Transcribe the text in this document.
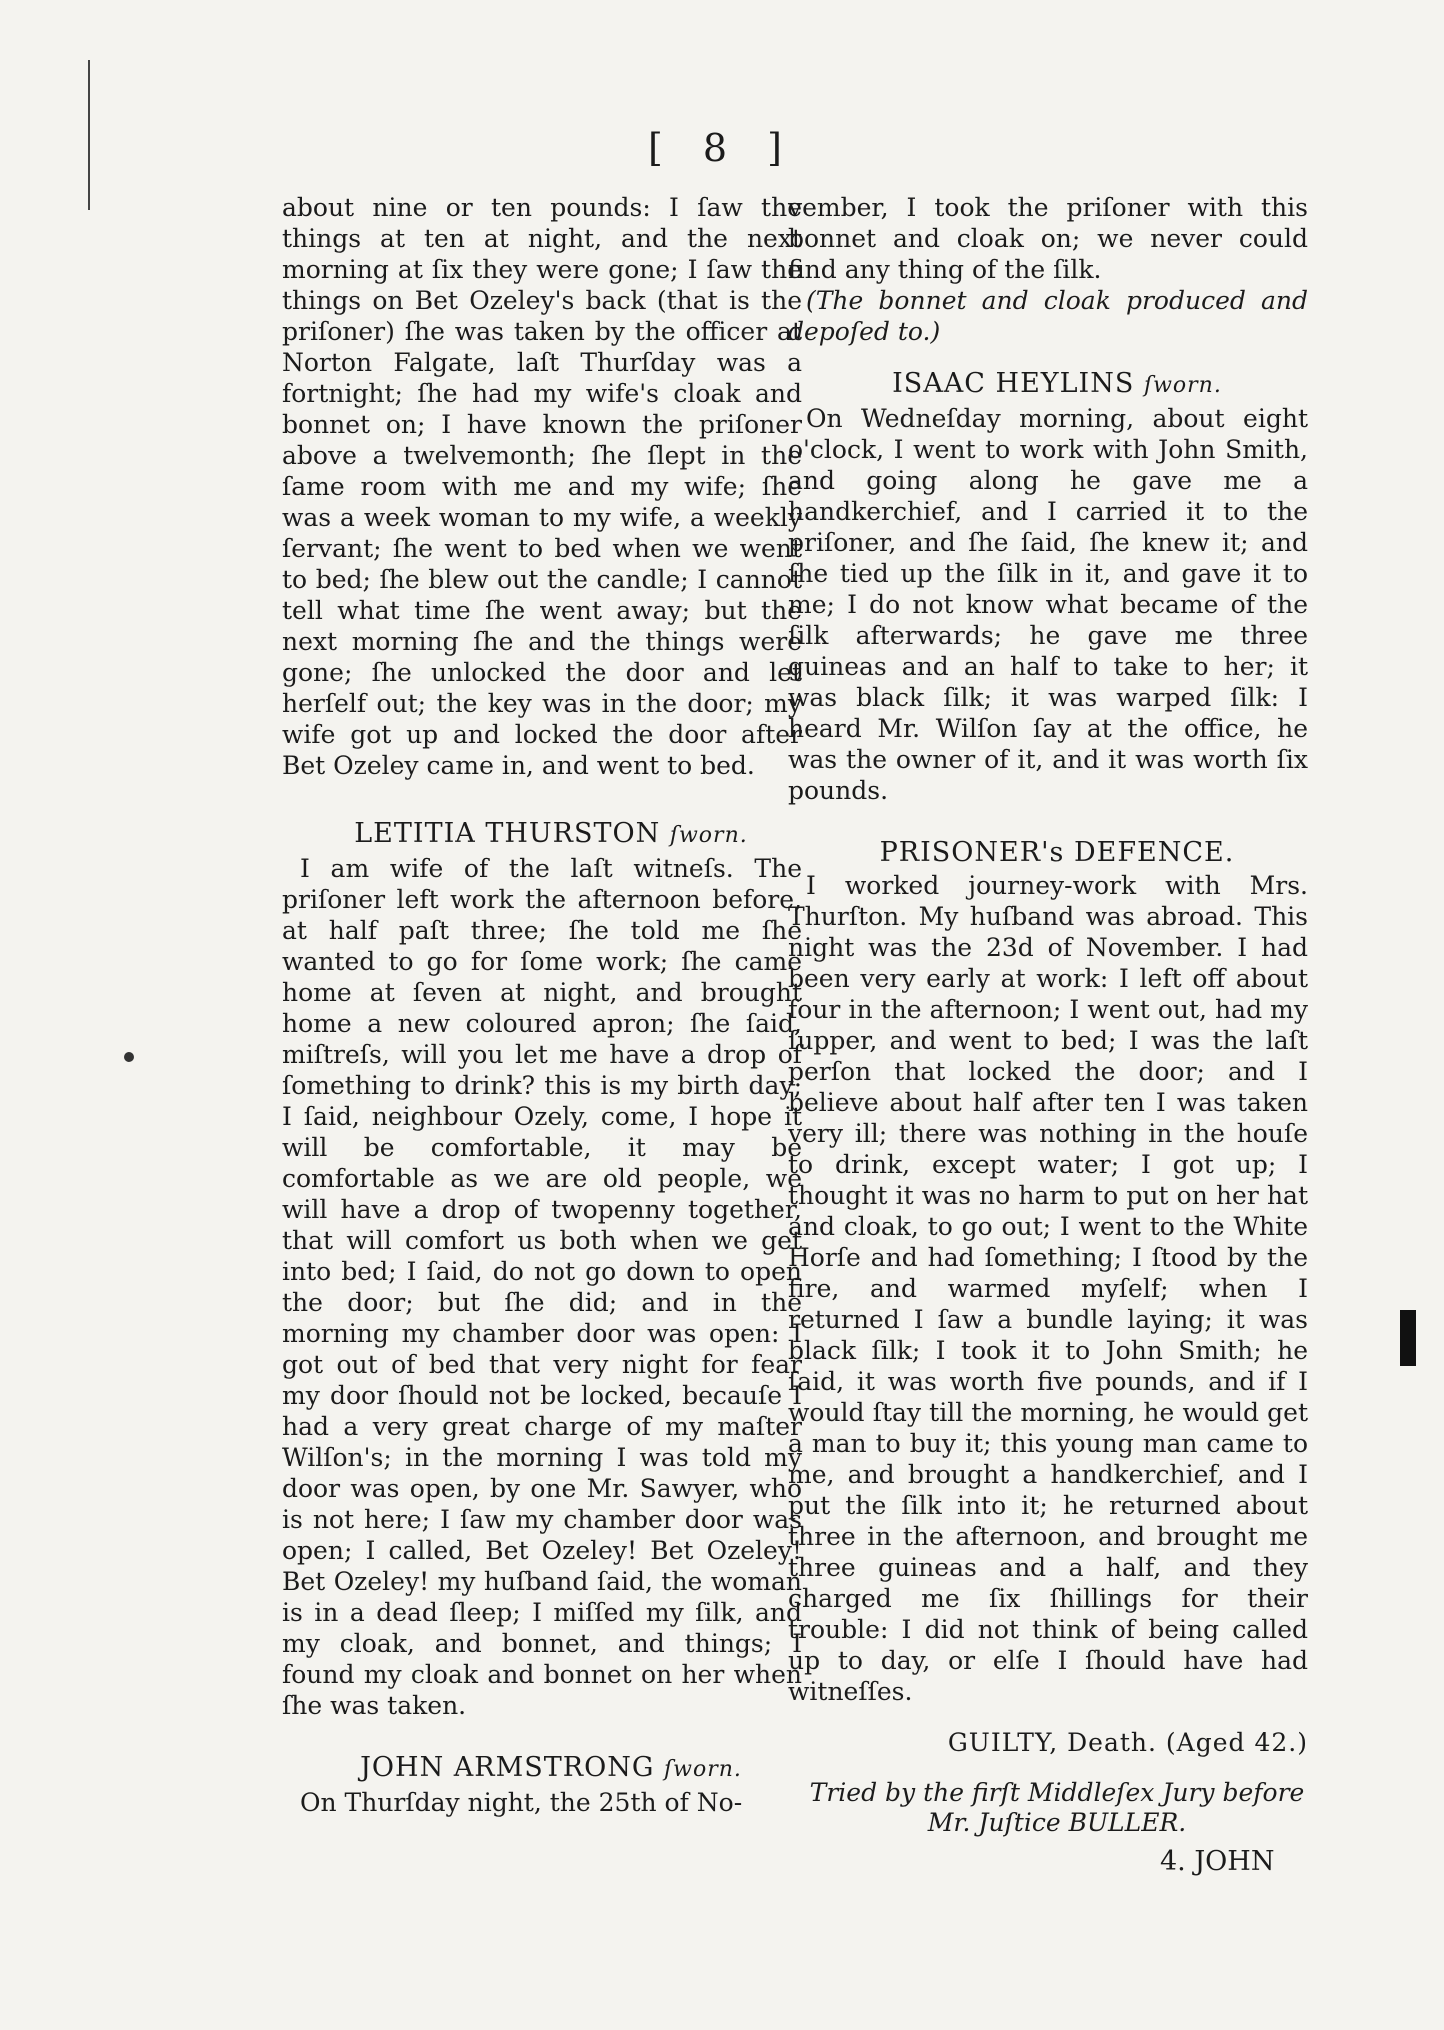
[ 8 ]

about nine or ten pounds: I ſaw the things at ten at night, and the next morning at ſix they were gone; I ſaw the things on Bet Ozeley's back (that is the priſoner) ſhe was taken by the officer at Norton Falgate, laſt Thurſday was a fortnight; ſhe had my wife's cloak and bonnet on; I have known the priſoner above a twelvemonth; ſhe ſlept in the ſame room with me and my wife; ſhe was a week woman to my wife, a weekly ſervant; ſhe went to bed when we went to bed; ſhe blew out the candle; I cannot tell what time ſhe went away; but the next morning ſhe and the things were gone; ſhe unlocked the door and let herſelf out; the key was in the door; my wife got up and locked the door after Bet Ozeley came in, and went to bed.

LETITIA THURSTON ſworn.

I am wife of the laſt witneſs. The priſoner left work the afternoon before, at half paſt three; ſhe told me ſhe wanted to go for ſome work; ſhe came home at ſeven at night, and brought home a new coloured apron; ſhe ſaid, miſtreſs, will you let me have a drop of ſomething to drink? this is my birth day; I ſaid, neighbour Ozely, come, I hope it will be comfortable, it may be comfortable as we are old people, we will have a drop of twopenny together, that will comfort us both when we get into bed; I ſaid, do not go down to open the door; but ſhe did; and in the morning my chamber door was open: I got out of bed that very night for fear my door ſhould not be locked, becauſe I had a very great charge of my maſter Wilſon's; in the morning I was told my door was open, by one Mr. Sawyer, who is not here; I ſaw my chamber door was open; I called, Bet Ozeley! Bet Ozeley! Bet Ozeley! my huſband ſaid, the woman is in a dead ſleep; I miſſed my ſilk, and my cloak, and bonnet, and things; I found my cloak and bonnet on her when ſhe was taken.

JOHN ARMSTRONG ſworn.

On Thurſday night, the 25th of No-

vember, I took the priſoner with this bonnet and cloak on; we never could find any thing of the ſilk.

(The bonnet and cloak produced and depoſed to.)

ISAAC HEYLINS ſworn.

On Wedneſday morning, about eight o'clock, I went to work with John Smith, and going along he gave me a handkerchief, and I carried it to the priſoner, and ſhe ſaid, ſhe knew it; and ſhe tied up the ſilk in it, and gave it to me; I do not know what became of the ſilk afterwards; he gave me three guineas and an half to take to her; it was black ſilk; it was warped ſilk: I heard Mr. Wilſon ſay at the office, he was the owner of it, and it was worth ſix pounds.

PRISONER's DEFENCE.

I worked journey-work with Mrs. Thurſton. My huſband was abroad. This night was the 23d of November. I had been very early at work: I left off about four in the afternoon; I went out, had my ſupper, and went to bed; I was the laſt perſon that locked the door; and I believe about half after ten I was taken very ill; there was nothing in the houſe to drink, except water; I got up; I thought it was no harm to put on her hat and cloak, to go out; I went to the White Horſe and had ſomething; I ſtood by the fire, and warmed myſelf; when I returned I ſaw a bundle laying; it was black ſilk; I took it to John Smith; he ſaid, it was worth five pounds, and if I would ſtay till the morning, he would get a man to buy it; this young man came to me, and brought a handkerchief, and I put the ſilk into it; he returned about three in the afternoon, and brought me three guineas and a half, and they charged me ſix ſhillings for their trouble: I did not think of being called up to day, or elſe I ſhould have had witneſſes.

GUILTY, Death. (Aged 42.)

Tried by the firſt Middleſex Jury before

Mr. Juſtice BULLER.

4. JOHN
